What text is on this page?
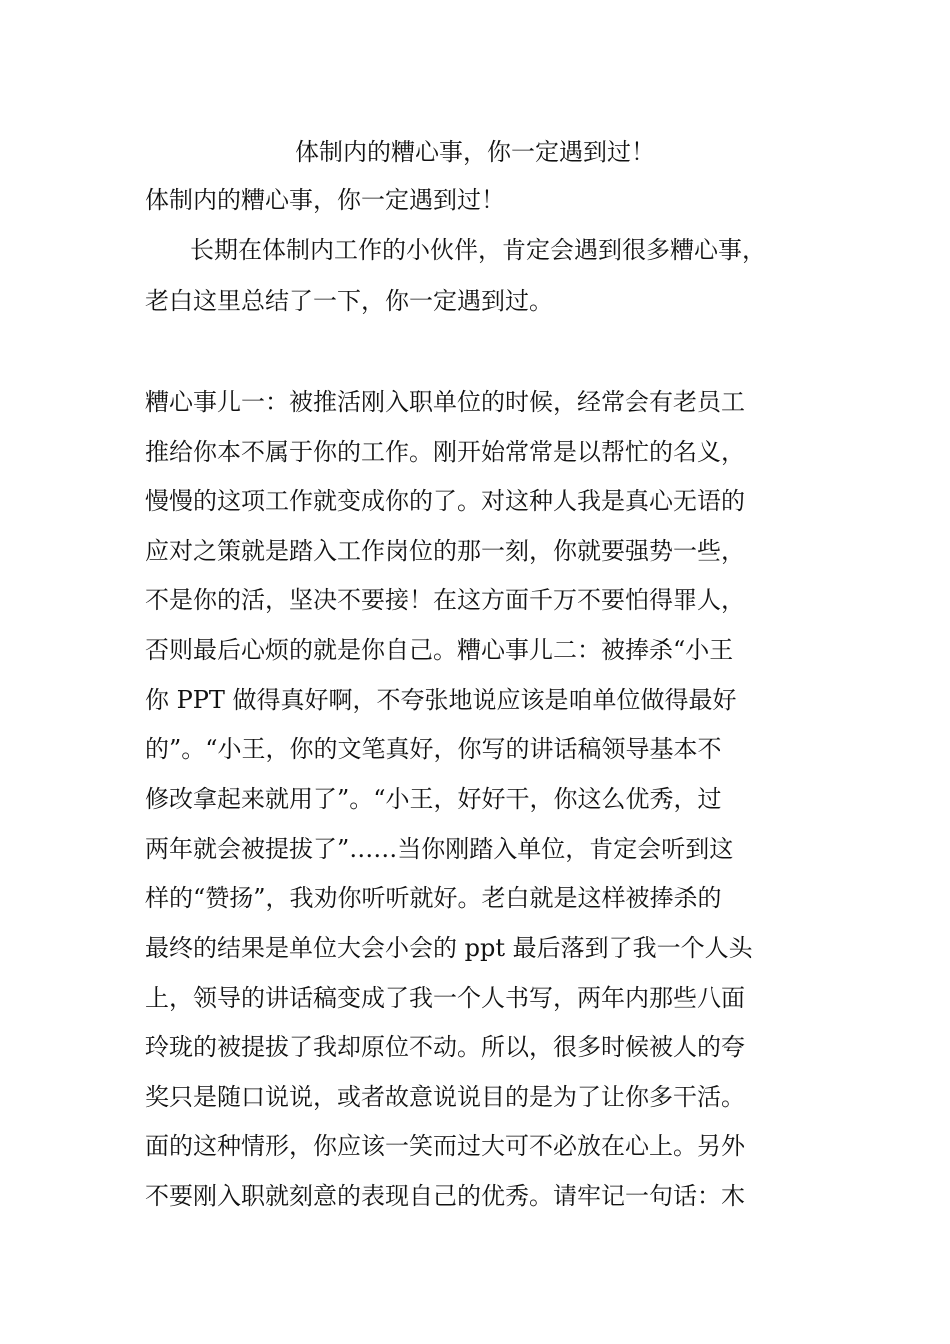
体制内的糟心事，你一定遇到过！
体制内的糟心事，你一定遇到过！
长期在体制内工作的小伙伴，肯定会遇到很多糟心事，
老白这里总结了一下，你一定遇到过。
糟心事儿一：被推活刚入职单位的时候，经常会有老员工
推给你本不属于你的工作。刚开始常常是以帮忙的名义，
慢慢的这项工作就变成你的了。对这种人我是真心无语的
应对之策就是踏入工作岗位的那一刻，你就要强势一些，
不是你的活，坚决不要接！在这方面千万不要怕得罪人，
否则最后心烦的就是你自己。糟心事儿二：被捧杀“小王
你 PPT 做得真好啊，不夸张地说应该是咱单位做得最好
的”。“小王，你的文笔真好，你写的讲话稿领导基本不
修改拿起来就用了”。“小王，好好干，你这么优秀，过
两年就会被提拔了”……当你刚踏入单位，肯定会听到这
样的“赞扬”，我劝你听听就好。老白就是这样被捧杀的
最终的结果是单位大会小会的 ppt 最后落到了我一个人头
上，领导的讲话稿变成了我一个人书写，两年内那些八面
玲珑的被提拔了我却原位不动。所以，很多时候被人的夸
奖只是随口说说，或者故意说说目的是为了让你多干活。
面的这种情形，你应该一笑而过大可不必放在心上。另外
不要刚入职就刻意的表现自己的优秀。请牢记一句话：木
